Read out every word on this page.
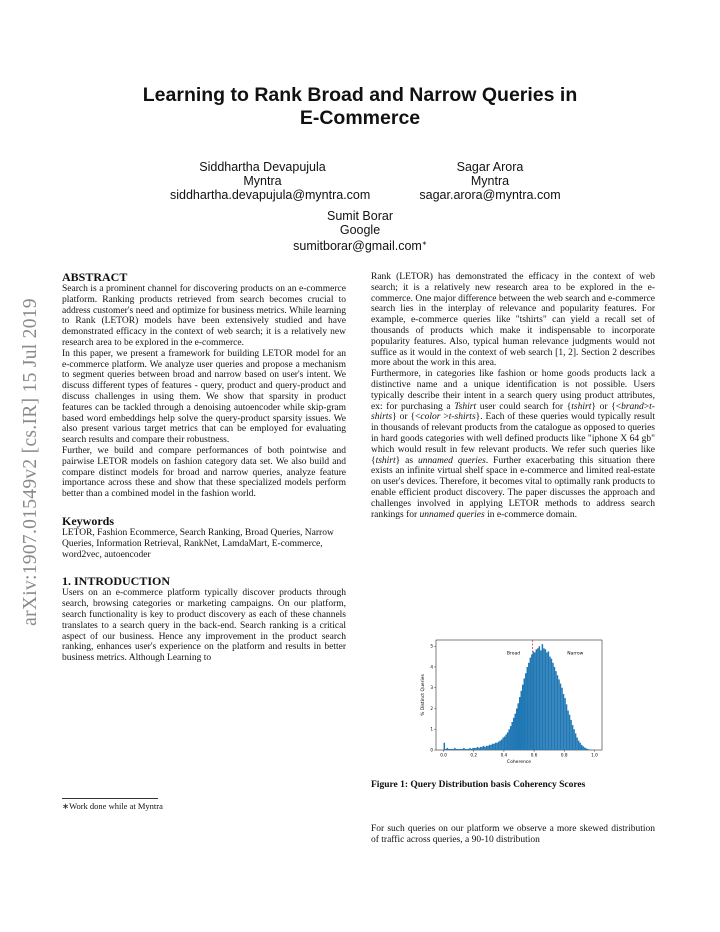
arXiv:1907.01549v2 [cs.IR] 15 Jul 2019
Learning to Rank Broad and Narrow Queries in
E-Commerce
Siddhartha Devapujula
Myntra
siddhartha.devapujula@myntra.com
Sagar Arora
Myntra
sagar.arora@myntra.com
Sumit Borar
Google
sumitborar@gmail.com∗
ABSTRACT

Search is a prominent channel for discovering products on an e-commerce platform. Ranking products retrieved from search becomes crucial to address customer's need and optimize for business metrics. While learning to Rank (LETOR) models have been extensively studied and have demonstrated efficacy in the context of web search; it is a relatively new research area to be explored in the e-commerce.

In this paper, we present a framework for building LETOR model for an e-commerce platform. We analyze user queries and propose a mechanism to segment queries between broad and narrow based on user's intent. We discuss different types of features - query, product and query-product and discuss challenges in using them. We show that sparsity in product features can be tackled through a denoising autoencoder while skip-gram based word embeddings help solve the query-product sparsity issues. We also present various target metrics that can be employed for evaluating search results and compare their robustness.

Further, we build and compare performances of both pointwise and pairwise LETOR models on fashion category data set. We also build and compare distinct models for broad and narrow queries, analyze feature importance across these and show that these specialized models perform better than a combined model in the fashion world.

Keywords

LETOR, Fashion Ecommerce, Search Ranking, Broad Queries, Narrow Queries, Information Retrieval, RankNet, LamdaMart, E-commerce, word2vec, autoencoder

1. INTRODUCTION

Users on an e-commerce platform typically discover products through search, browsing categories or marketing campaigns. On our platform, search functionality is key to product discovery as each of these channels translates to a search query in the back-end. Search ranking is a critical aspect of our business. Hence any improvement in the product search ranking, enhances user's experience on the platform and results in better business metrics. Although Learning to

∗Work done while at Myntra

Rank (LETOR) has demonstrated the efficacy in the context of web search; it is a relatively new research area to be explored in the e-commerce. One major difference between the web search and e-commerce search lies in the interplay of relevance and popularity features. For example, e-commerce queries like "tshirts" can yield a recall set of thousands of products which make it indispensable to incorporate popularity features. Also, typical human relevance judgments would not suffice as it would in the context of web search [1, 2]. Section 2 describes more about the work in this area.

Furthermore, in categories like fashion or home goods products lack a distinctive name and a unique identification is not possible. Users typically describe their intent in a search query using product attributes, ex: for purchasing a Tshirt user could search for {tshirt} or {<brand>t-shirts} or {<color >t-shirts}. Each of these queries would typically result in thousands of relevant products from the catalogue as opposed to queries in hard goods categories with well defined products like "iphone X 64 gb" which would result in few relevant products. We refer such queries like {tshirt} as unnamed queries. Further exacerbating this situation there exists an infinite virtual shelf space in e-commerce and limited real-estate on user's devices. Therefore, it becomes vital to optimally rank products to enable efficient product discovery. The paper discusses the approach and challenges involved in applying LETOR methods to address search rankings for unnamed queries in e-commerce domain.

0.0	0.2	0.4	0.6	0.8	1.0
0
1
2
3
4
5
Coherence
% Distinct Queries
Broad	Narrow
Figure 1: Query Distribution basis Coherency Scores
For such queries on our platform we observe a more skewed distribution of traffic across queries, a 90-10 distribution
